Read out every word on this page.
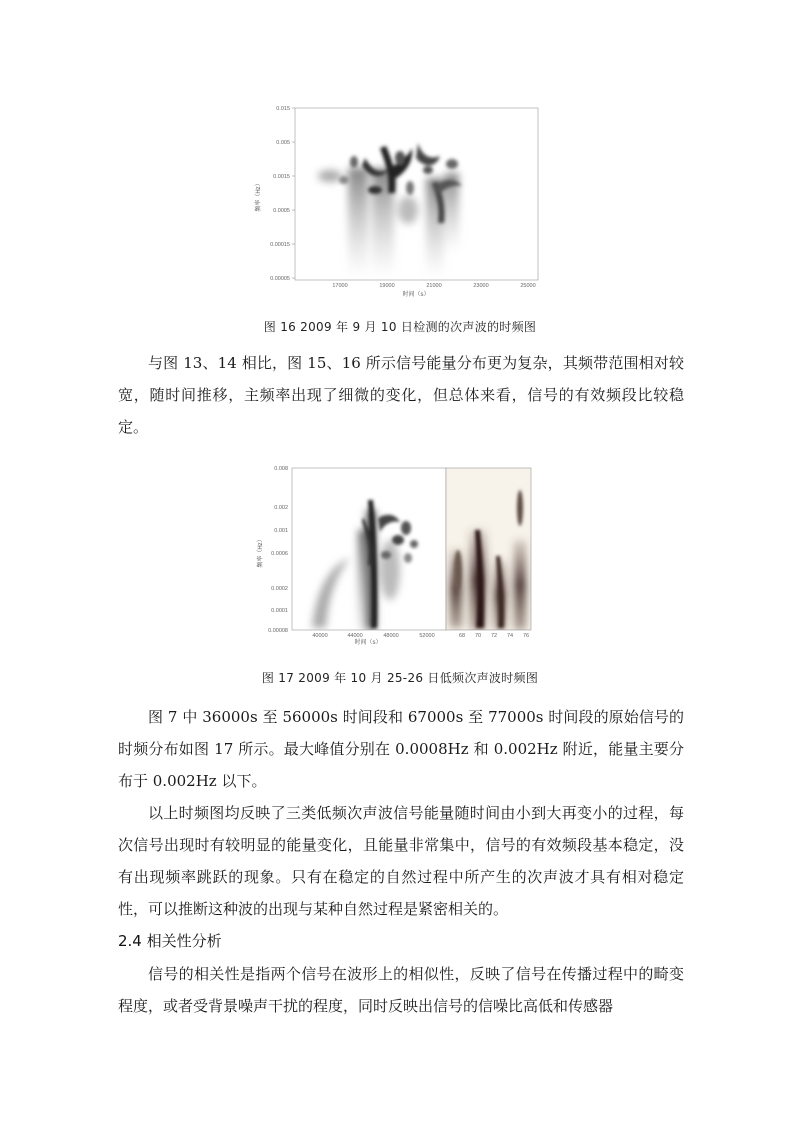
0.015
0.005
0.0015
0.0005
0.00015
0.00005
17000	19000	21000	23000	25000
时间（s）
频率（Hz）
图 16 2009 年 9 月 10 日检测的次声波的时频图

与图 13、14 相比，图 15、16 所示信号能量分布更为复杂，其频带范围相对较宽，随时间推移，主频率出现了细微的变化，但总体来看，信号的有效频段比较稳定。

0.008
0.002
0.001
0.0006
0.0002
0.0001
0.00008
40000	44000	48000	52000	68 70 72 74 76
时间（s）
频率（Hz）
图 17 2009 年 10 月 25-26 日低频次声波时频图

图 7 中 36000s 至 56000s 时间段和 67000s 至 77000s 时间段的原始信号的时频分布如图 17 所示。最大峰值分别在 0.0008Hz 和 0.002Hz 附近，能量主要分布于 0.002Hz 以下。

以上时频图均反映了三类低频次声波信号能量随时间由小到大再变小的过程，每次信号出现时有较明显的能量变化，且能量非常集中，信号的有效频段基本稳定，没有出现频率跳跃的现象。只有在稳定的自然过程中所产生的次声波才具有相对稳定性，可以推断这种波的出现与某种自然过程是紧密相关的。

2.4 相关性分析

信号的相关性是指两个信号在波形上的相似性，反映了信号在传播过程中的畸变程度，或者受背景噪声干扰的程度，同时反映出信号的信噪比高低和传感器
